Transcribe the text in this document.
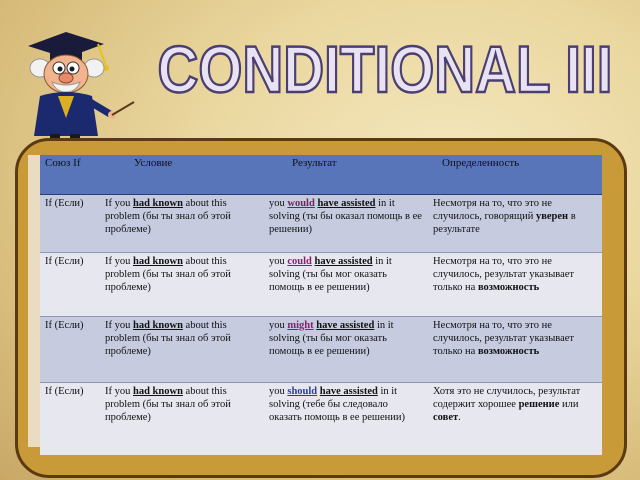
CONDITIONAL III
Союз If	Условие	Результат	Определенность
If (Если)	If you had known about this problem (бы ты знал об этой проблеме)	you would have assisted in it solving (ты бы оказал помощь в ее решении)	Несмотря на то, что это не случилось, говорящий уверен в результате
If (Если)	If you had known about this problem (бы ты знал об этой проблеме)	you could have assisted in it solving (ты бы мог оказать помощь в ее решении)	Несмотря на то, что это не случилось, результат указывает только на возможность
If (Если)	If you had known about this problem (бы ты знал об этой проблеме)	you might have assisted in it solving (ты бы мог оказать помощь в ее решении)	Несмотря на то, что это не случилось, результат указывает только на возможность
If (Если)	If you had known about this problem (бы ты знал об этой проблеме)	you should have assisted in it solving (тебе бы следовало оказать помощь в ее решении)	Хотя это не случилось, результат содержит хорошее решение или совет.
